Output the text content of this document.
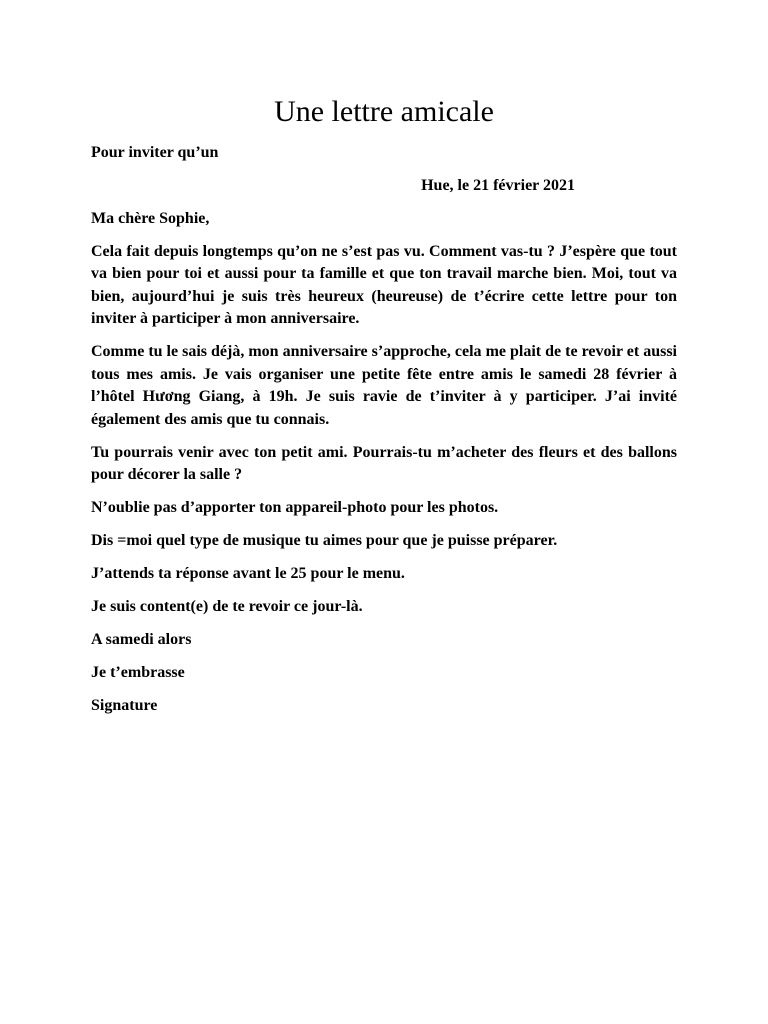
Une lettre amicale

Pour inviter qu’un

Hue, le 21 février 2021

Ma chère Sophie,

Cela fait depuis longtemps qu’on ne s’est pas vu. Comment vas-tu ? J’espère que tout va bien pour toi et aussi pour ta famille et que ton travail marche bien. Moi, tout va bien, aujourd’hui je suis très heureux (heureuse) de t’écrire cette lettre pour ton inviter à participer à mon anniversaire.

Comme tu le sais déjà, mon anniversaire s’approche, cela me plait de te revoir et aussi tous mes amis. Je vais organiser une petite fête entre amis le samedi 28 février à l’hôtel Hương Giang, à 19h. Je suis ravie de t’inviter à y participer. J’ai invité également des amis que tu connais.

Tu pourrais venir avec ton petit ami. Pourrais-tu m’acheter des fleurs et des ballons pour décorer la salle ?

N’oublie pas d’apporter ton appareil-photo pour les photos.

Dis =moi quel type de musique tu aimes pour que je puisse préparer.

J’attends ta réponse avant le 25 pour le menu.

Je suis content(e) de te revoir ce jour-là.

A samedi alors

Je t’embrasse

Signature
